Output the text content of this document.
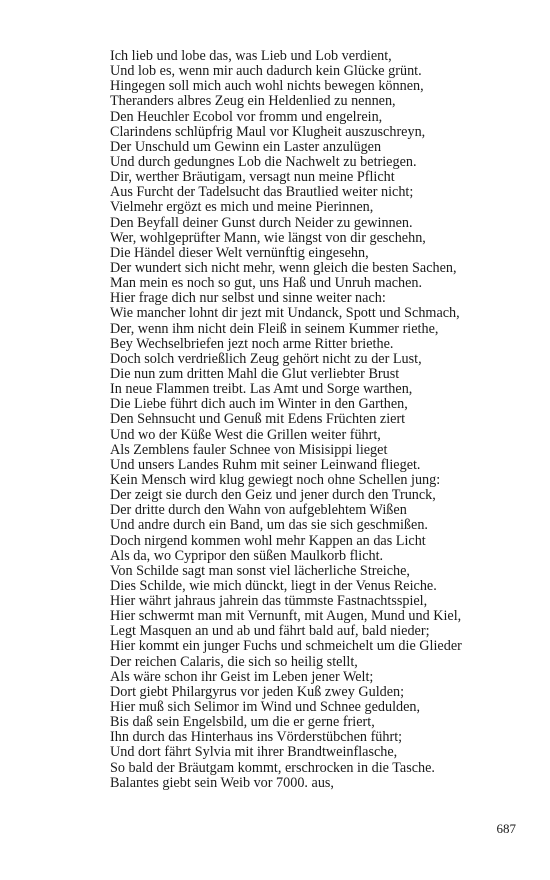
Ich lieb und lobe das, was Lieb und Lob verdient,
Und lob es, wenn mir auch dadurch kein Glücke grünt.
Hingegen soll mich auch wohl nichts bewegen können,
Theranders albres Zeug ein Heldenlied zu nennen,
Den Heuchler Ecobol vor fromm und engelrein,
Clarindens schlüpfrig Maul vor Klugheit auszuschreyn,
Der Unschuld um Gewinn ein Laster anzulügen
Und durch gedungnes Lob die Nachwelt zu betriegen.
Dir, werther Bräutigam, versagt nun meine Pflicht
Aus Furcht der Tadelsucht das Brautlied weiter nicht;
Vielmehr ergözt es mich und meine Pierinnen,
Den Beyfall deiner Gunst durch Neider zu gewinnen.
Wer, wohlgeprüfter Mann, wie längst von dir geschehn,
Die Händel dieser Welt vernünftig eingesehn,
Der wundert sich nicht mehr, wenn gleich die besten Sachen,
Man mein es noch so gut, uns Haß und Unruh machen.
Hier frage dich nur selbst und sinne weiter nach:
Wie mancher lohnt dir jezt mit Undanck, Spott und Schmach,
Der, wenn ihm nicht dein Fleiß in seinem Kummer riethe,
Bey Wechselbriefen jezt noch arme Ritter briethe.
Doch solch verdrießlich Zeug gehört nicht zu der Lust,
Die nun zum dritten Mahl die Glut verliebter Brust
In neue Flammen treibt. Las Amt und Sorge warthen,
Die Liebe führt dich auch im Winter in den Garthen,
Den Sehnsucht und Genuß mit Edens Früchten ziert
Und wo der Küße West die Grillen weiter führt,
Als Zemblens fauler Schnee von Misisippi lieget
Und unsers Landes Ruhm mit seiner Leinwand flieget.
Kein Mensch wird klug gewiegt noch ohne Schellen jung:
Der zeigt sie durch den Geiz und jener durch den Trunck,
Der dritte durch den Wahn von aufgeblehtem Wißen
Und andre durch ein Band, um das sie sich geschmißen.
Doch nirgend kommen wohl mehr Kappen an das Licht
Als da, wo Cypripor den süßen Maulkorb flicht.
Von Schilde sagt man sonst viel lächerliche Streiche,
Dies Schilde, wie mich dünckt, liegt in der Venus Reiche.
Hier währt jahraus jahrein das tümmste Fastnachtsspiel,
Hier schwermt man mit Vernunft, mit Augen, Mund und Kiel,
Legt Masquen an und ab und fährt bald auf, bald nieder;
Hier kommt ein junger Fuchs und schmeichelt um die Glieder
Der reichen Calaris, die sich so heilig stellt,
Als wäre schon ihr Geist im Leben jener Welt;
Dort giebt Philargyrus vor jeden Kuß zwey Gulden;
Hier muß sich Selimor im Wind und Schnee gedulden,
Bis daß sein Engelsbild, um die er gerne friert,
Ihn durch das Hinterhaus ins Vörderstübchen führt;
Und dort fährt Sylvia mit ihrer Brandtweinflasche,
So bald der Bräutgam kommt, erschrocken in die Tasche.
Balantes giebt sein Weib vor 7000. aus,
687
